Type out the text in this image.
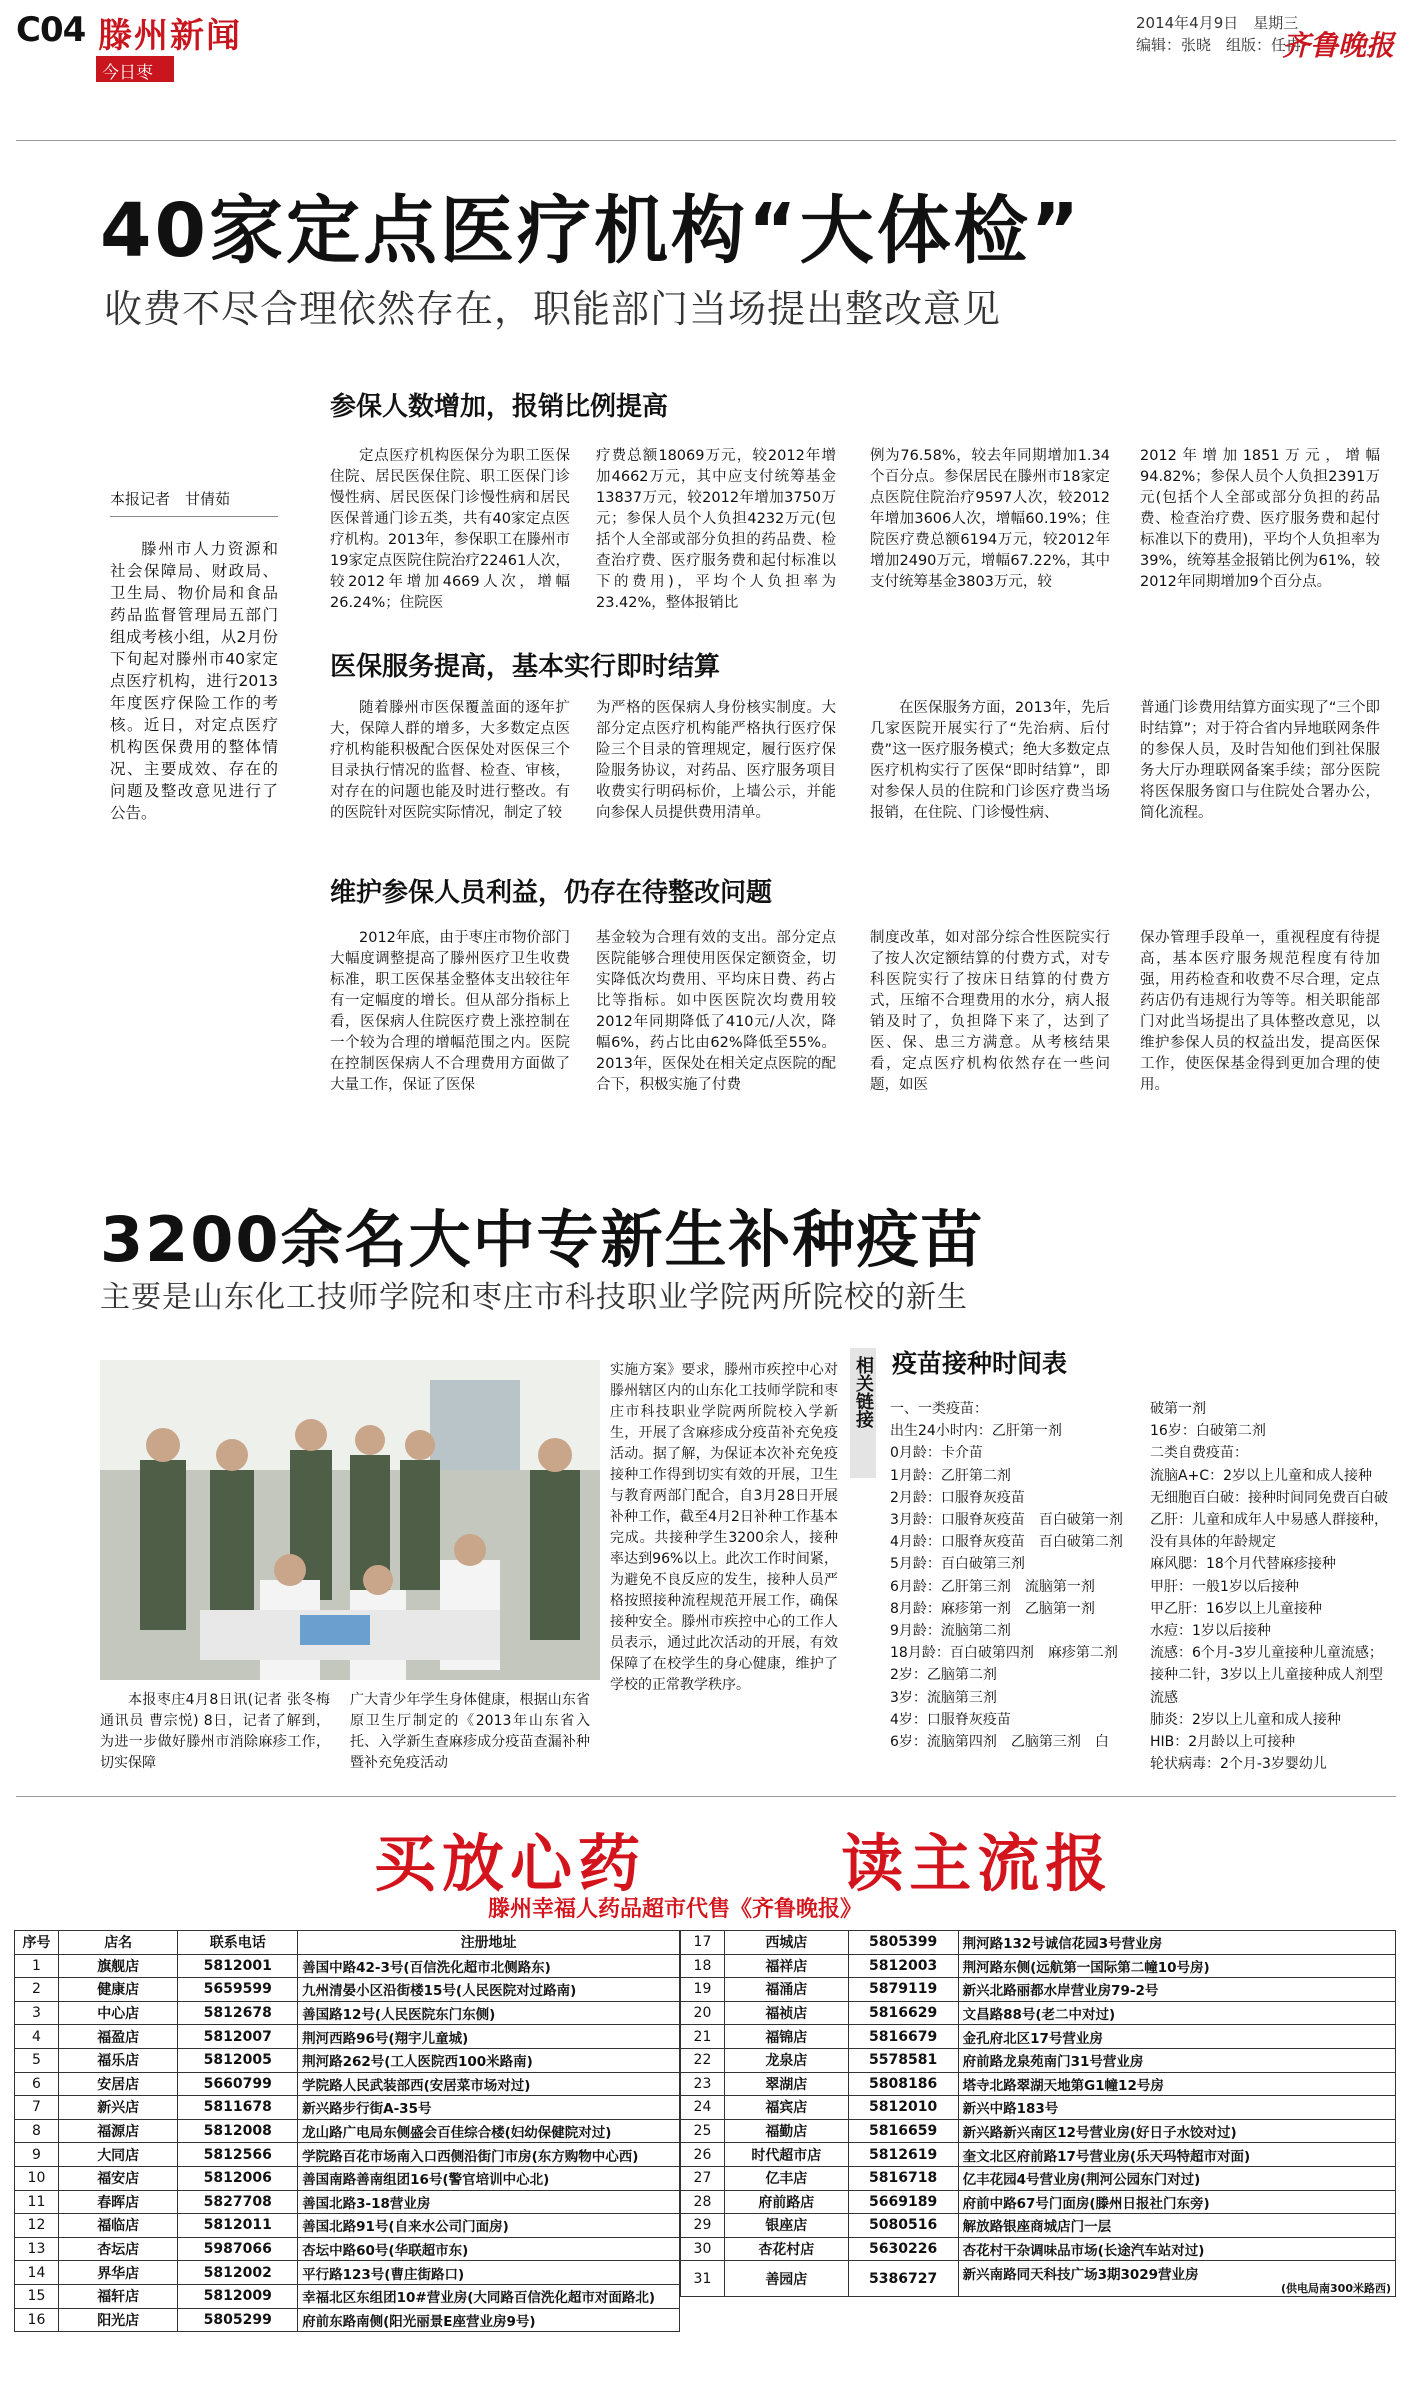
C04 滕州新闻
今日枣庄
2014年4月9日　星期三
编辑：张晓　组版：任冉
齐鲁晚报
40家定点医疗机构“大体检”
收费不尽合理依然存在，职能部门当场提出整改意见
本报记者　甘倩茹
滕州市人力资源和社会保障局、财政局、卫生局、物价局和食品药品监督管理局五部门组成考核小组，从2月份下旬起对滕州市40家定点医疗机构，进行2013年度医疗保险工作的考核。近日，对定点医疗机构医保费用的整体情况、主要成效、存在的问题及整改意见进行了公告。
参保人数增加，报销比例提高
定点医疗机构医保分为职工医保住院、居民医保住院、职工医保门诊慢性病、居民医保门诊慢性病和居民医保普通门诊五类，共有40家定点医疗机构。2013年，参保职工在滕州市19家定点医院住院治疗22461人次，较2012年增加4669人次，增幅26.24%；住院医
疗费总额18069万元，较2012年增加4662万元，其中应支付统筹基金13837万元，较2012年增加3750万元；参保人员个人负担4232万元(包括个人全部或部分负担的药品费、检查治疗费、医疗服务费和起付标准以下的费用)，平均个人负担率为23.42%，整体报销比
例为76.58%，较去年同期增加1.34个百分点。参保居民在滕州市18家定点医院住院治疗9597人次，较2012年增加3606人次，增幅60.19%；住院医疗费总额6194万元，较2012年增加2490万元，增幅67.22%，其中支付统筹基金3803万元，较
2012年增加1851万元，增幅94.82%；参保人员个人负担2391万元(包括个人全部或部分负担的药品费、检查治疗费、医疗服务费和起付标准以下的费用)，平均个人负担率为39%，统筹基金报销比例为61%，较2012年同期增加9个百分点。
医保服务提高，基本实行即时结算
随着滕州市医保覆盖面的逐年扩大，保障人群的增多，大多数定点医疗机构能积极配合医保处对医保三个目录执行情况的监督、检查、审核，对存在的问题也能及时进行整改。有的医院针对医院实际情况，制定了较
为严格的医保病人身份核实制度。大部分定点医疗机构能严格执行医疗保险三个目录的管理规定，履行医疗保险服务协议，对药品、医疗服务项目收费实行明码标价，上墙公示，并能向参保人员提供费用清单。
在医保服务方面，2013年，先后几家医院开展实行了“先治病、后付费”这一医疗服务模式；绝大多数定点医疗机构实行了医保“即时结算”，即对参保人员的住院和门诊医疗费当场报销，在住院、门诊慢性病、
普通门诊费用结算方面实现了“三个即时结算”；对于符合省内异地联网条件的参保人员，及时告知他们到社保服务大厅办理联网备案手续；部分医院将医保服务窗口与住院处合署办公，简化流程。
维护参保人员利益，仍存在待整改问题
2012年底，由于枣庄市物价部门大幅度调整提高了滕州医疗卫生收费标准，职工医保基金整体支出较往年有一定幅度的增长。但从部分指标上看，医保病人住院医疗费上涨控制在一个较为合理的增幅范围之内。医院在控制医保病人不合理费用方面做了大量工作，保证了医保
基金较为合理有效的支出。部分定点医院能够合理使用医保定额资金，切实降低次均费用、平均床日费、药占比等指标。如中医医院次均费用较2012年同期降低了410元/人次，降幅6%，药占比由62%降低至55%。2013年，医保处在相关定点医院的配合下，积极实施了付费
制度改革，如对部分综合性医院实行了按人次定额结算的付费方式，对专科医院实行了按床日结算的付费方式，压缩不合理费用的水分，病人报销及时了，负担降下来了，达到了医、保、患三方满意。从考核结果看，定点医疗机构依然存在一些问题，如医
保办管理手段单一，重视程度有待提高，基本医疗服务规范程度有待加强，用药检查和收费不尽合理，定点药店仍有违规行为等等。相关职能部门对此当场提出了具体整改意见，以维护参保人员的权益出发，提高医保工作，使医保基金得到更加合理的使用。
3200余名大中专新生补种疫苗
主要是山东化工技师学院和枣庄市科技职业学院两所院校的新生
本报枣庄4月8日讯(记者 张冬梅 通讯员 曹宗悦) 8日，记者了解到，为进一步做好滕州市消除麻疹工作，切实保障
广大青少年学生身体健康，根据山东省原卫生厅制定的《2013年山东省入托、入学新生查麻疹成分疫苗查漏补种暨补充免疫活动
实施方案》要求，滕州市疾控中心对滕州辖区内的山东化工技师学院和枣庄市科技职业学院两所院校入学新生，开展了含麻疹成分疫苗补充免疫活动。据了解，为保证本次补充免疫接种工作得到切实有效的开展，卫生与教育两部门配合，自3月28日开展补种工作，截至4月2日补种工作基本完成。共接种学生3200余人，接种率达到96%以上。此次工作时间紧，为避免不良反应的发生，接种人员严格按照接种流程规范开展工作，确保接种安全。滕州市疾控中心的工作人员表示，通过此次活动的开展，有效保障了在校学生的身心健康，维护了学校的正常教学秩序。
相关链接 疫苗接种时间表
一、一类疫苗：
出生24小时内：乙肝第一剂
0月龄：卡介苗
1月龄：乙肝第二剂
2月龄：口服脊灰疫苗
3月龄：口服脊灰疫苗　百白破第一剂
4月龄：口服脊灰疫苗　百白破第二剂
5月龄：百白破第三剂
6月龄：乙肝第三剂　流脑第一剂
8月龄：麻疹第一剂　乙脑第一剂
9月龄：流脑第二剂
18月龄：百白破第四剂　麻疹第二剂
2岁：乙脑第二剂
3岁：流脑第三剂
4岁：口服脊灰疫苗
6岁：流脑第四剂　乙脑第三剂　白
破第一剂
16岁：白破第二剂
二类自费疫苗：
流脑A+C：2岁以上儿童和成人接种
无细胞百白破：接种时间同免费百白破
乙肝：儿童和成年人中易感人群接种，没有具体的年龄规定
麻风腮：18个月代替麻疹接种
甲肝：一般1岁以后接种
甲乙肝：16岁以上儿童接种
水痘：1岁以后接种
流感：6个月-3岁儿童接种儿童流感；接种二针，3岁以上儿童接种成人剂型流感
肺炎：2岁以上儿童和成人接种
HIB：2月龄以上可接种
轮状病毒：2个月-3岁婴幼儿
买放心药	读主流报
滕州幸福人药品超市代售《齐鲁晚报》
序号	店名	联系电话	注册地址
1	旗舰店	5812001	善国中路42-3号(百信洗化超市北侧路东)
2	健康店	5659599	九州清晏小区沿街楼15号(人民医院对过路南)
3	中心店	5812678	善国路12号(人民医院东门东侧)
4	福盈店	5812007	荆河西路96号(翔宇儿童城)
5	福乐店	5812005	荆河路262号(工人医院西100米路南)
6	安居店	5660799	学院路人民武装部西(安居菜市场对过)
7	新兴店	5811678	新兴路步行街A-35号
8	福源店	5812008	龙山路广电局东侧盛会百佳综合楼(妇幼保健院对过)
9	大同店	5812566	学院路百花市场南入口西侧沿街门市房(东方购物中心西)
10	福安店	5812006	善国南路善南组团16号(警官培训中心北)
11	春晖店	5827708	善国北路3-18营业房
12	福临店	5812011	善国北路91号(自来水公司门面房)
13	杏坛店	5987066	杏坛中路60号(华联超市东)
14	界华店	5812002	平行路123号(曹庄街路口)
15	福轩店	5812009	幸福北区东组团10#营业房(大同路百信洗化超市对面路北)
16	阳光店	5805299	府前东路南侧(阳光丽景E座营业房9号)
17	西城店	5805399	荆河路132号诚信花园3号营业房
18	福祥店	5812003	荆河路东侧(远航第一国际第二幢10号房)
19	福涌店	5879119	新兴北路丽都水岸营业房79-2号
20	福祯店	5816629	文昌路88号(老二中对过)
21	福锦店	5816679	金孔府北区17号营业房
22	龙泉店	5578581	府前路龙泉苑南门31号营业房
23	翠湖店	5808186	塔寺北路翠湖天地第G1幢12号房
24	福宾店	5812010	新兴中路183号
25	福勤店	5816659	新兴路新兴南区12号营业房(好日子水饺对过)
26	时代超市店	5812619	奎文北区府前路17号营业房(乐天玛特超市对面)
27	亿丰店	5816718	亿丰花园4号营业房(荆河公园东门对过)
28	府前路店	5669189	府前中路67号门面房(滕州日报社门东旁)
29	银座店	5080516	解放路银座商城店门一层
30	杏花村店	5630226	杏花村干杂调味品市场(长途汽车站对过)
31	善园店	5386727	新兴南路同天科技广场3期3029营业房
(供电局南300米路西)
